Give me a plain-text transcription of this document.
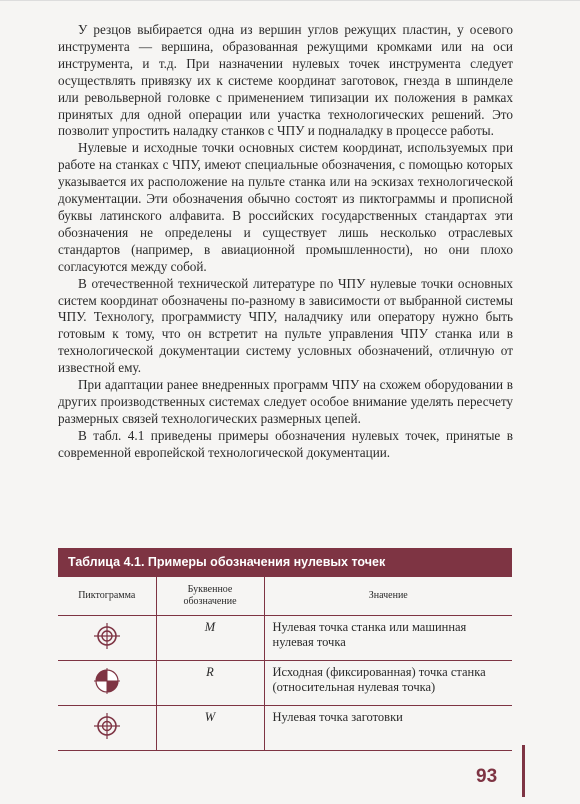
У резцов выбирается одна из вершин углов режущих пластин, у осевого инструмента — вершина, образованная режущими кромками или на оси инструмента, и т.д. При назначении нулевых точек инструмента следует осуществлять привязку их к системе координат заготовок, гнезда в шпинделе или револьверной головке с применением типизации их положения в рамках принятых для одной операции или участка технологических решений. Это позволит упростить наладку станков с ЧПУ и подналадку в процессе работы.

Нулевые и исходные точки основных систем координат, используемых при работе на станках с ЧПУ, имеют специальные обозначения, с помощью которых указывается их расположение на пульте станка или на эскизах технологической документации. Эти обозначения обычно состоят из пиктограммы и прописной буквы латинского алфавита. В российских государственных стандартах эти обозначения не определены и существует лишь несколько отраслевых стандартов (например, в авиационной промышленности), но они плохо согласуются между собой.

В отечественной технической литературе по ЧПУ нулевые точки основных систем координат обозначены по-разному в зависимости от выбранной системы ЧПУ. Технологу, программисту ЧПУ, наладчику или оператору нужно быть готовым к тому, что он встретит на пульте управления ЧПУ станка или в технологической документации систему условных обозначений, отличную от известной ему.

При адаптации ранее внедренных программ ЧПУ на схожем оборудовании в других производственных системах следует особое внимание уделять пересчету размерных связей технологических размерных цепей.

В табл. 4.1 приведены примеры обозначения нулевых точек, принятые в современной европейской технологической документации.

Таблица 4.1. Примеры обозначения нулевых точек
Пиктограмма	Буквенное обозначение	Значение
	M	Нулевая точка станка или машинная нулевая точка
	R	Исходная (фиксированная) точка станка (относительная нулевая точка)
	W	Нулевая точка заготовки
93
